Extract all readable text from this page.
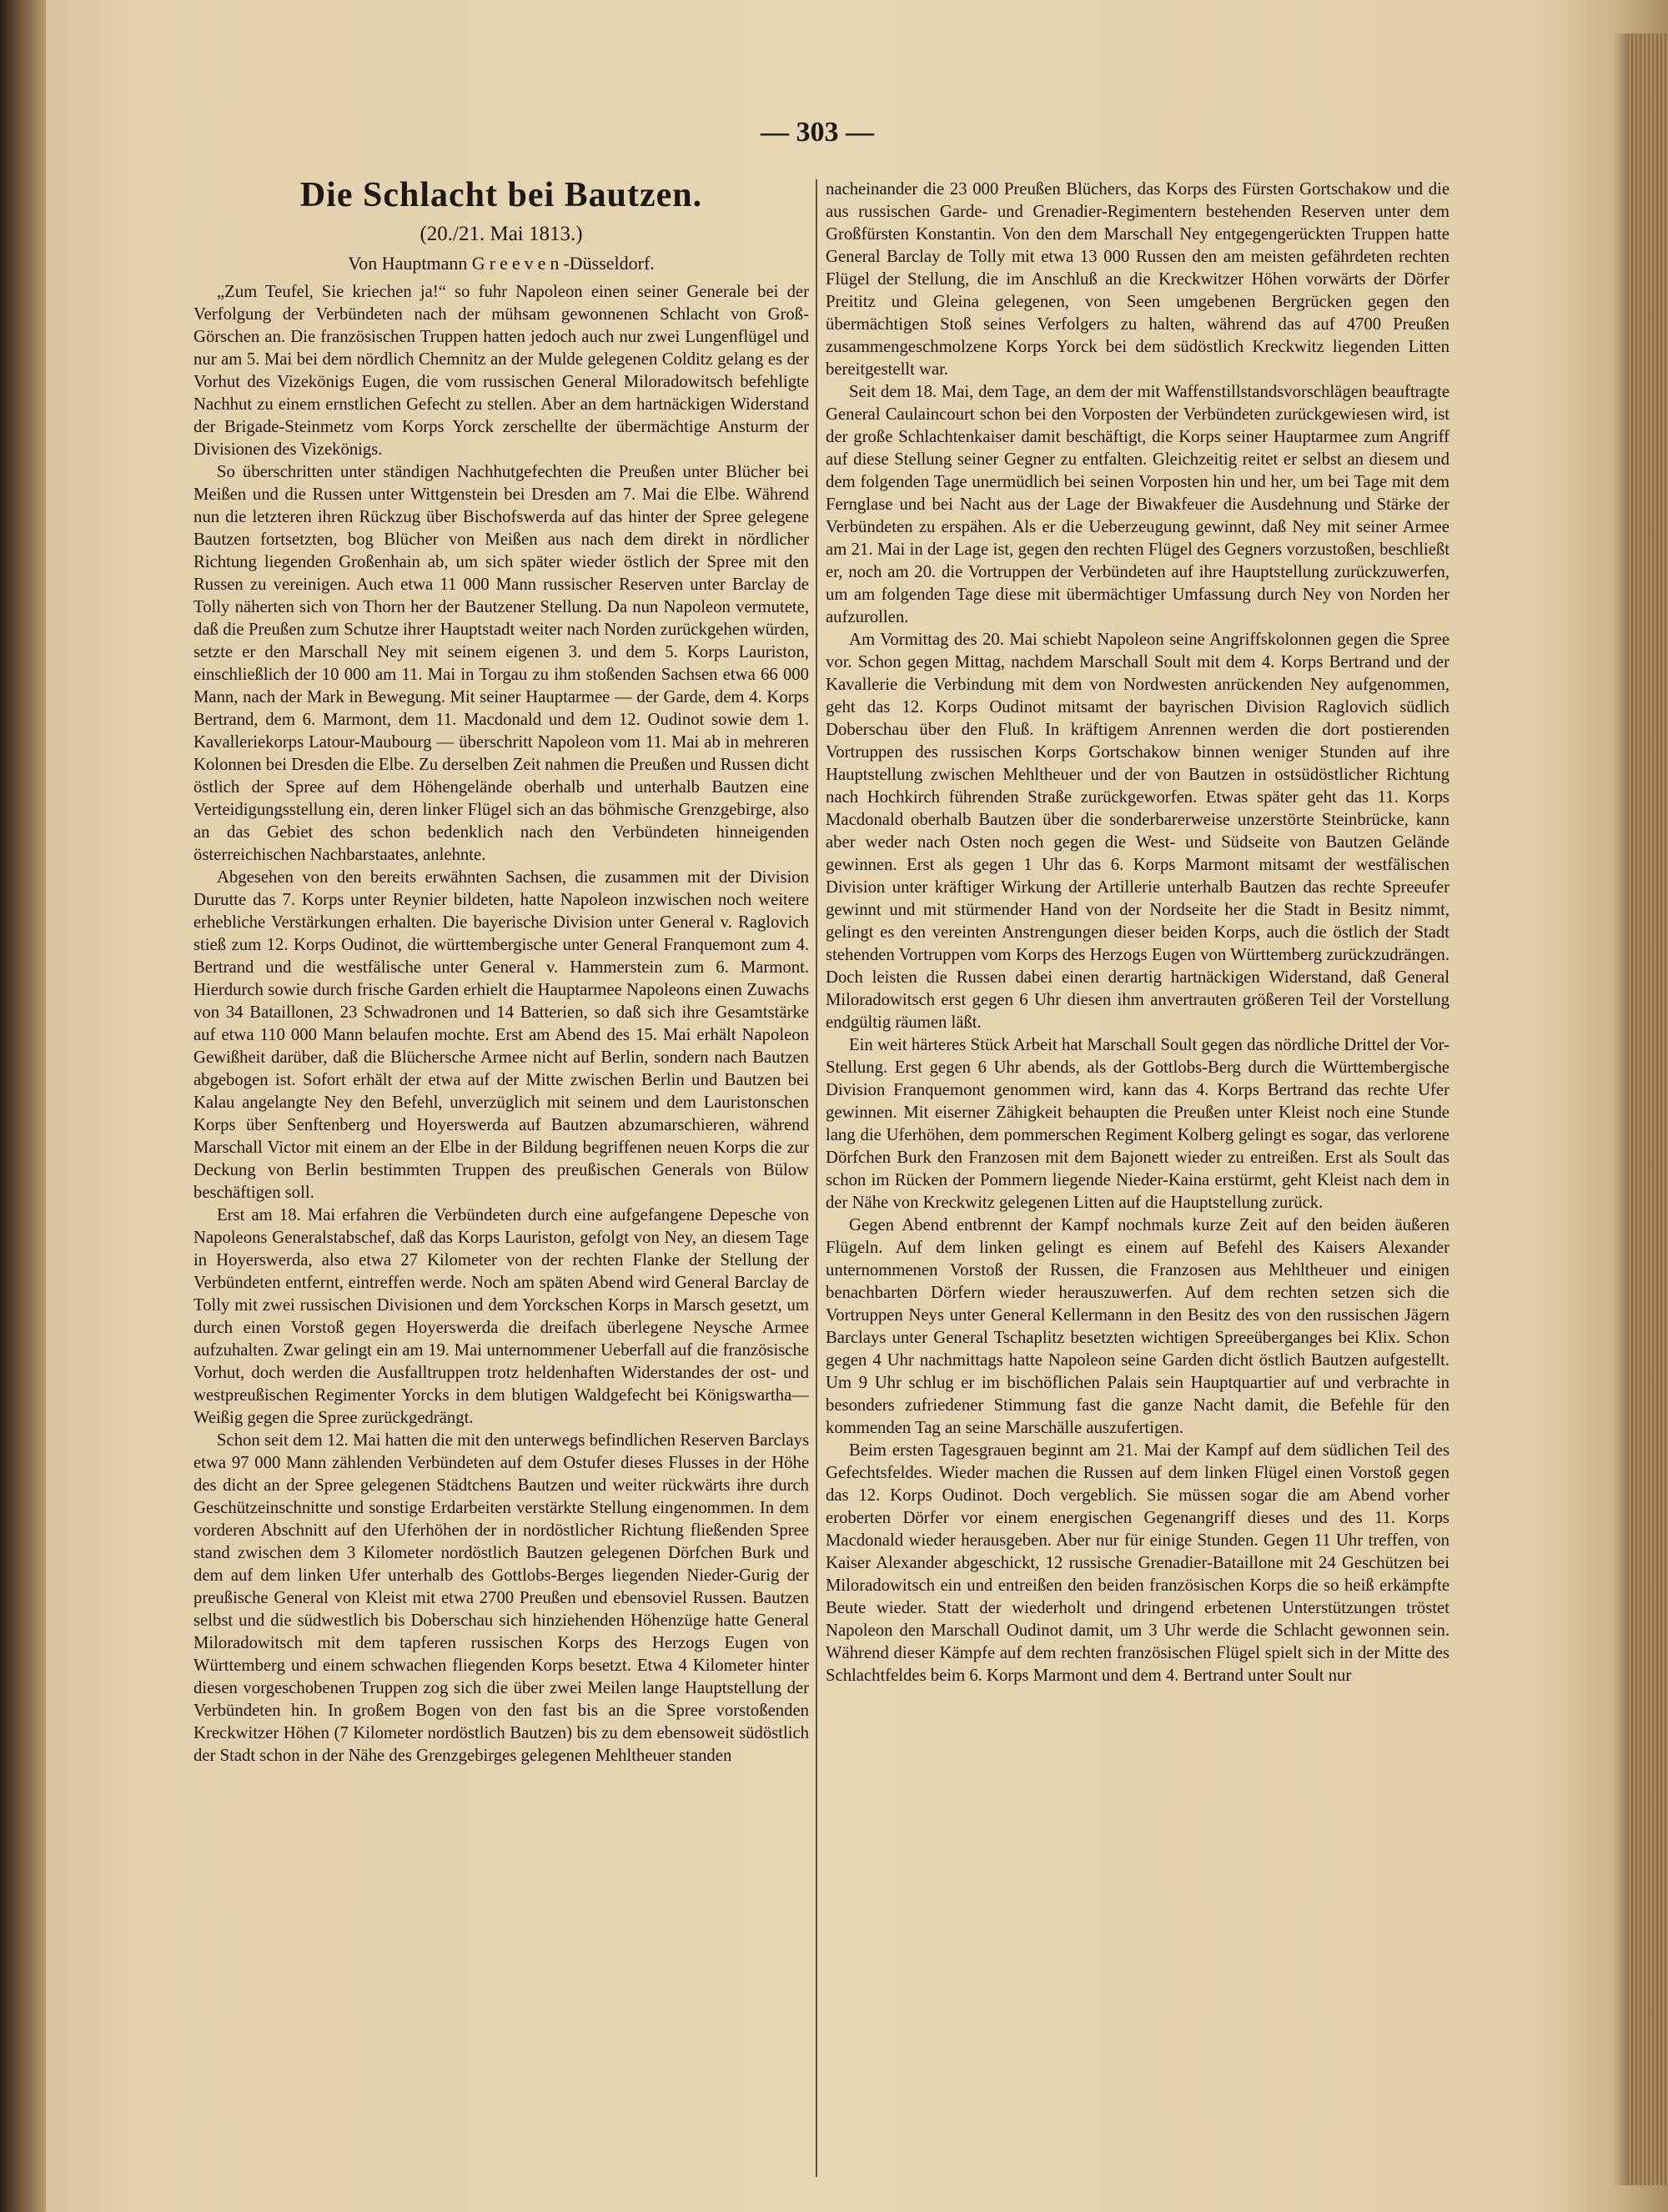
— 303 —
Die Schlacht bei Bautzen.
(20./21. Mai 1813.)
Von Hauptmann Greeven-Düsseldorf.

„Zum Teufel, Sie kriechen ja!“ so fuhr Napoleon einen seiner Generale bei der Verfolgung der Verbündeten nach der mühsam gewonnenen Schlacht von Groß-Görschen an. Die französischen Truppen hatten jedoch auch nur zwei Lungenflügel und nur am 5. Mai bei dem nördlich Chemnitz an der Mulde gelegenen Colditz gelang es der Vorhut des Vizekönigs Eugen, die vom russischen General Miloradowitsch befehligte Nachhut zu einem ernstlichen Gefecht zu stellen. Aber an dem hartnäckigen Widerstand der Brigade-Steinmetz vom Korps Yorck zerschellte der übermächtige Ansturm der Divisionen des Vizekönigs.

So überschritten unter ständigen Nachhutgefechten die Preußen unter Blücher bei Meißen und die Russen unter Wittgenstein bei Dresden am 7. Mai die Elbe. Während nun die letzteren ihren Rückzug über Bischofswerda auf das hinter der Spree gelegene Bautzen fortsetzten, bog Blücher von Meißen aus nach dem direkt in nördlicher Richtung liegenden Großenhain ab, um sich später wieder östlich der Spree mit den Russen zu vereinigen. Auch etwa 11 000 Mann russischer Reserven unter Barclay de Tolly näherten sich von Thorn her der Bautzener Stellung. Da nun Napoleon vermutete, daß die Preußen zum Schutze ihrer Hauptstadt weiter nach Norden zurückgehen würden, setzte er den Marschall Ney mit seinem eigenen 3. und dem 5. Korps Lauriston, einschließlich der 10 000 am 11. Mai in Torgau zu ihm stoßenden Sachsen etwa 66 000 Mann, nach der Mark in Bewegung. Mit seiner Hauptarmee — der Garde, dem 4. Korps Bertrand, dem 6. Marmont, dem 11. Macdonald und dem 12. Oudinot sowie dem 1. Kavalleriekorps Latour-Maubourg — überschritt Napoleon vom 11. Mai ab in mehreren Kolonnen bei Dresden die Elbe. Zu derselben Zeit nahmen die Preußen und Russen dicht östlich der Spree auf dem Höhengelände oberhalb und unterhalb Bautzen eine Verteidigungsstellung ein, deren linker Flügel sich an das böhmische Grenzgebirge, also an das Gebiet des schon bedenklich nach den Verbündeten hinneigenden österreichischen Nachbarstaates, anlehnte.

Abgesehen von den bereits erwähnten Sachsen, die zusammen mit der Division Durutte das 7. Korps unter Reynier bildeten, hatte Napoleon inzwischen noch weitere erhebliche Verstärkungen erhalten. Die bayerische Division unter General v. Raglovich stieß zum 12. Korps Oudinot, die württembergische unter General Franquemont zum 4. Bertrand und die westfälische unter General v. Hammerstein zum 6. Marmont. Hierdurch sowie durch frische Garden erhielt die Hauptarmee Napoleons einen Zuwachs von 34 Bataillonen, 23 Schwadronen und 14 Batterien, so daß sich ihre Gesamtstärke auf etwa 110 000 Mann belaufen mochte. Erst am Abend des 15. Mai erhält Napoleon Gewißheit darüber, daß die Blüchersche Armee nicht auf Berlin, sondern nach Bautzen abgebogen ist. Sofort erhält der etwa auf der Mitte zwischen Berlin und Bautzen bei Kalau angelangte Ney den Befehl, unverzüglich mit seinem und dem Lauristonschen Korps über Senftenberg und Hoyerswerda auf Bautzen abzumarschieren, während Marschall Victor mit einem an der Elbe in der Bildung begriffenen neuen Korps die zur Deckung von Berlin bestimmten Truppen des preußischen Generals von Bülow beschäftigen soll.

Erst am 18. Mai erfahren die Verbündeten durch eine aufgefangene Depesche von Napoleons Generalstabschef, daß das Korps Lauriston, gefolgt von Ney, an diesem Tage in Hoyerswerda, also etwa 27 Kilometer von der rechten Flanke der Stellung der Verbündeten entfernt, eintreffen werde. Noch am späten Abend wird General Barclay de Tolly mit zwei russischen Divisionen und dem Yorckschen Korps in Marsch gesetzt, um durch einen Vorstoß gegen Hoyerswerda die dreifach überlegene Neysche Armee aufzuhalten. Zwar gelingt ein am 19. Mai unternommener Ueberfall auf die französische Vorhut, doch werden die Ausfalltruppen trotz heldenhaften Widerstandes der ost- und westpreußischen Regimenter Yorcks in dem blutigen Waldgefecht bei Königswartha—Weißig gegen die Spree zurückgedrängt.

Schon seit dem 12. Mai hatten die mit den unterwegs befindlichen Reserven Barclays etwa 97 000 Mann zählenden Verbündeten auf dem Ostufer dieses Flusses in der Höhe des dicht an der Spree gelegenen Städtchens Bautzen und weiter rückwärts ihre durch Geschützeinschnitte und sonstige Erdarbeiten verstärkte Stellung eingenommen. In dem vorderen Abschnitt auf den Uferhöhen der in nordöstlicher Richtung fließenden Spree stand zwischen dem 3 Kilometer nordöstlich Bautzen gelegenen Dörfchen Burk und dem auf dem linken Ufer unterhalb des Gottlobs-Berges liegenden Nieder-Gurig der preußische General von Kleist mit etwa 2700 Preußen und ebensoviel Russen. Bautzen selbst und die südwestlich bis Doberschau sich hinziehenden Höhenzüge hatte General Miloradowitsch mit dem tapferen russischen Korps des Herzogs Eugen von Württemberg und einem schwachen fliegenden Korps besetzt. Etwa 4 Kilometer hinter diesen vorgeschobenen Truppen zog sich die über zwei Meilen lange Hauptstellung der Verbündeten hin. In großem Bogen von den fast bis an die Spree vorstoßenden Kreckwitzer Höhen (7 Kilometer nordöstlich Bautzen) bis zu dem ebensoweit südöstlich der Stadt schon in der Nähe des Grenzgebirges gelegenen Mehltheuer standen

nacheinander die 23 000 Preußen Blüchers, das Korps des Fürsten Gortschakow und die aus russischen Garde- und Grenadier-Regimentern bestehenden Reserven unter dem Großfürsten Konstantin. Von den dem Marschall Ney entgegengerückten Truppen hatte General Barclay de Tolly mit etwa 13 000 Russen den am meisten gefährdeten rechten Flügel der Stellung, die im Anschluß an die Kreckwitzer Höhen vorwärts der Dörfer Preititz und Gleina gelegenen, von Seen umgebenen Bergrücken gegen den übermächtigen Stoß seines Verfolgers zu halten, während das auf 4700 Preußen zusammengeschmolzene Korps Yorck bei dem südöstlich Kreckwitz liegenden Litten bereitgestellt war.

Seit dem 18. Mai, dem Tage, an dem der mit Waffenstillstandsvorschlägen beauftragte General Caulaincourt schon bei den Vorposten der Verbündeten zurückgewiesen wird, ist der große Schlachtenkaiser damit beschäftigt, die Korps seiner Hauptarmee zum Angriff auf diese Stellung seiner Gegner zu entfalten. Gleichzeitig reitet er selbst an diesem und dem folgenden Tage unermüdlich bei seinen Vorposten hin und her, um bei Tage mit dem Fernglase und bei Nacht aus der Lage der Biwakfeuer die Ausdehnung und Stärke der Verbündeten zu erspähen. Als er die Ueberzeugung gewinnt, daß Ney mit seiner Armee am 21. Mai in der Lage ist, gegen den rechten Flügel des Gegners vorzustoßen, beschließt er, noch am 20. die Vortruppen der Verbündeten auf ihre Hauptstellung zurückzuwerfen, um am folgenden Tage diese mit übermächtiger Umfassung durch Ney von Norden her aufzurollen.

Am Vormittag des 20. Mai schiebt Napoleon seine Angriffskolonnen gegen die Spree vor. Schon gegen Mittag, nachdem Marschall Soult mit dem 4. Korps Bertrand und der Kavallerie die Verbindung mit dem von Nordwesten anrückenden Ney aufgenommen, geht das 12. Korps Oudinot mitsamt der bayrischen Division Raglovich südlich Doberschau über den Fluß. In kräftigem Anrennen werden die dort postierenden Vortruppen des russischen Korps Gortschakow binnen weniger Stunden auf ihre Hauptstellung zwischen Mehltheuer und der von Bautzen in ostsüdöstlicher Richtung nach Hochkirch führenden Straße zurückgeworfen. Etwas später geht das 11. Korps Macdonald oberhalb Bautzen über die sonderbarerweise unzerstörte Steinbrücke, kann aber weder nach Osten noch gegen die West- und Südseite von Bautzen Gelände gewinnen. Erst als gegen 1 Uhr das 6. Korps Marmont mitsamt der westfälischen Division unter kräftiger Wirkung der Artillerie unterhalb Bautzen das rechte Spreeufer gewinnt und mit stürmender Hand von der Nordseite her die Stadt in Besitz nimmt, gelingt es den vereinten Anstrengungen dieser beiden Korps, auch die östlich der Stadt stehenden Vortruppen vom Korps des Herzogs Eugen von Württemberg zurückzudrängen. Doch leisten die Russen dabei einen derartig hartnäckigen Widerstand, daß General Miloradowitsch erst gegen 6 Uhr diesen ihm anvertrauten größeren Teil der Vorstellung endgültig räumen läßt.

Ein weit härteres Stück Arbeit hat Marschall Soult gegen das nördliche Drittel der Vor-Stellung. Erst gegen 6 Uhr abends, als der Gottlobs-Berg durch die Württembergische Division Franquemont genommen wird, kann das 4. Korps Bertrand das rechte Ufer gewinnen. Mit eiserner Zähigkeit behaupten die Preußen unter Kleist noch eine Stunde lang die Uferhöhen, dem pommerschen Regiment Kolberg gelingt es sogar, das verlorene Dörfchen Burk den Franzosen mit dem Bajonett wieder zu entreißen. Erst als Soult das schon im Rücken der Pommern liegende Nieder-Kaina erstürmt, geht Kleist nach dem in der Nähe von Kreckwitz gelegenen Litten auf die Hauptstellung zurück.

Gegen Abend entbrennt der Kampf nochmals kurze Zeit auf den beiden äußeren Flügeln. Auf dem linken gelingt es einem auf Befehl des Kaisers Alexander unternommenen Vorstoß der Russen, die Franzosen aus Mehltheuer und einigen benachbarten Dörfern wieder herauszuwerfen. Auf dem rechten setzen sich die Vortruppen Neys unter General Kellermann in den Besitz des von den russischen Jägern Barclays unter General Tschaplitz besetzten wichtigen Spreeüberganges bei Klix. Schon gegen 4 Uhr nachmittags hatte Napoleon seine Garden dicht östlich Bautzen aufgestellt. Um 9 Uhr schlug er im bischöflichen Palais sein Hauptquartier auf und verbrachte in besonders zufriedener Stimmung fast die ganze Nacht damit, die Befehle für den kommenden Tag an seine Marschälle auszufertigen.

Beim ersten Tagesgrauen beginnt am 21. Mai der Kampf auf dem südlichen Teil des Gefechtsfeldes. Wieder machen die Russen auf dem linken Flügel einen Vorstoß gegen das 12. Korps Oudinot. Doch vergeblich. Sie müssen sogar die am Abend vorher eroberten Dörfer vor einem energischen Gegenangriff dieses und des 11. Korps Macdonald wieder herausgeben. Aber nur für einige Stunden. Gegen 11 Uhr treffen, von Kaiser Alexander abgeschickt, 12 russische Grenadier-Bataillone mit 24 Geschützen bei Miloradowitsch ein und entreißen den beiden französischen Korps die so heiß erkämpfte Beute wieder. Statt der wiederholt und dringend erbetenen Unterstützungen tröstet Napoleon den Marschall Oudinot damit, um 3 Uhr werde die Schlacht gewonnen sein. Während dieser Kämpfe auf dem rechten französischen Flügel spielt sich in der Mitte des Schlachtfeldes beim 6. Korps Marmont und dem 4. Bertrand unter Soult nur
